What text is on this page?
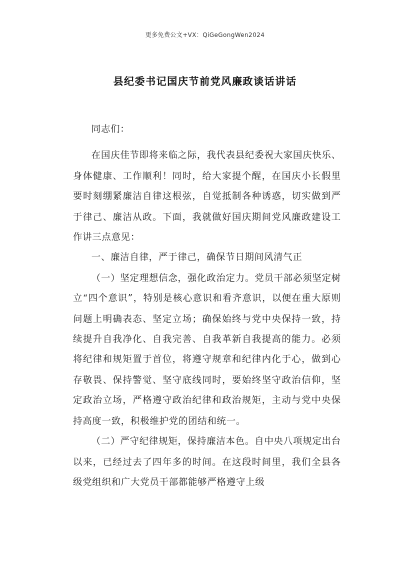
更多免费公文+VX：QiGeGongWen2024
县纪委书记国庆节前党风廉政谈话讲话

同志们：

在国庆佳节即将来临之际，我代表县纪委祝大家国庆快乐、身体健康、工作顺利！同时，给大家提个醒，在国庆小长假里要时刻绷紧廉洁自律这根弦，自觉抵制各种诱惑，切实做到严于律己、廉洁从政。下面，我就做好国庆期间党风廉政建设工作讲三点意见：

一、廉洁自律，严于律己，确保节日期间风清气正

（一）坚定理想信念，强化政治定力。党员干部必须坚定树立“四个意识”，特别是核心意识和看齐意识，以便在重大原则问题上明确表态、坚定立场；确保始终与党中央保持一致，持续提升自我净化、自我完善、自我革新自我提高的能力。必须将纪律和规矩置于首位，将遵守规章和纪律内化于心，做到心存敬畏、保持警觉、坚守底线同时，要始终坚守政治信仰，坚定政治立场，严格遵守政治纪律和政治规矩，主动与党中央保持高度一致，积极维护党的团结和统一。

（二）严守纪律规矩，保持廉洁本色。自中央八项规定出台以来，已经过去了四年多的时间。在这段时间里，我们全县各级党组织和广大党员干部都能够严格遵守上级
